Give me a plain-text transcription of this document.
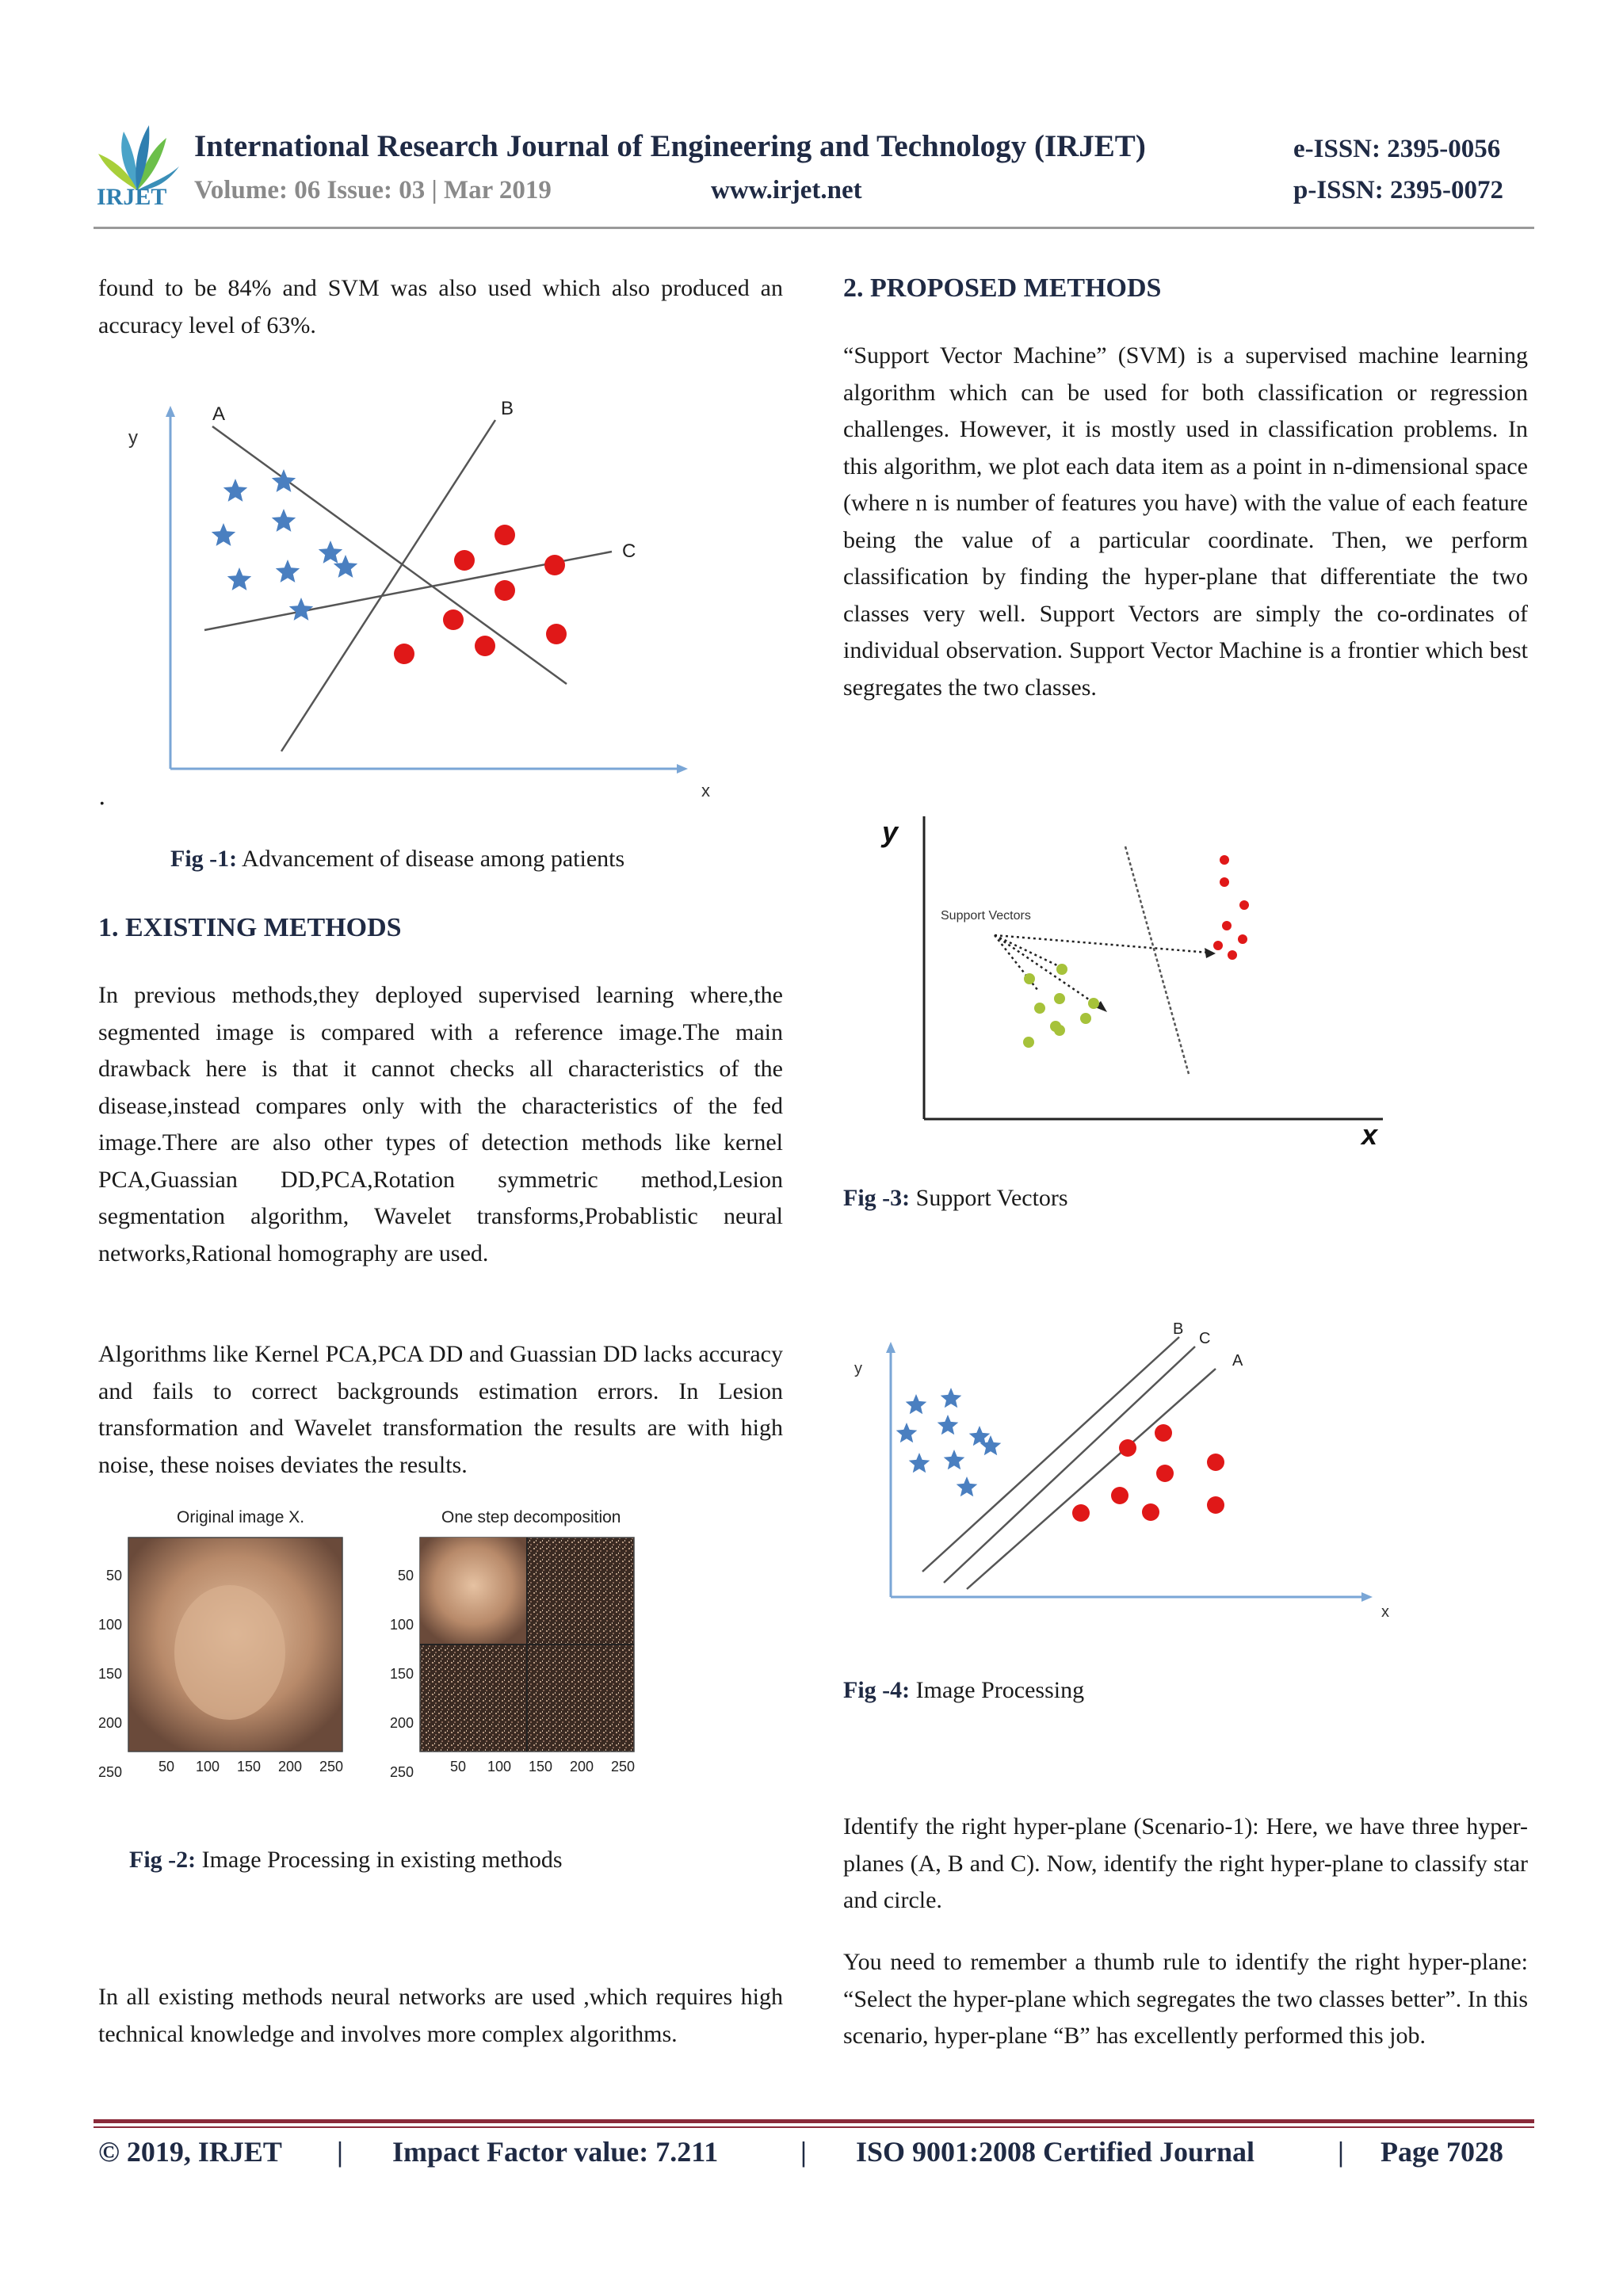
IRJET
International Research Journal of Engineering and Technology (IRJET)
Volume: 06 Issue: 03 | Mar 2019	www.irjet.net
e-ISSN: 2395-0056
p-ISSN: 2395-0072
found to be 84% and SVM was also used which also produced an accuracy level of 63%.
y
x
A	B
C
.
Fig -1: Advancement of disease among patients
1. EXISTING METHODS
In previous methods,they deployed supervised learning where,the segmented image is compared with a reference image.The main drawback here is that it cannot checks all characteristics of the disease,instead compares only with the characteristics of the fed image.There are also other types of detection methods like kernel PCA,Guassian DD,PCA,Rotation symmetric method,Lesion segmentation algorithm, Wavelet transforms,Probablistic neural networks,Rational homography are used.
Algorithms like Kernel PCA,PCA DD and Guassian DD lacks accuracy and fails to correct backgrounds estimation errors. In Lesion transformation and Wavelet transformation the results are with high noise, these noises deviates the results.
Original image X.	One step decomposition
50
100
150
200
250
50
100
150
200
250
50 100 150 200 250	50 100 150 200 250
Fig -2: Image Processing in existing methods
In all existing methods neural networks are used ,which requires high technical knowledge and involves more complex algorithms.
2. PROPOSED METHODS
“Support Vector Machine” (SVM) is a supervised machine learning algorithm which can be used for both classification or regression challenges. However, it is mostly used in classification problems. In this algorithm, we plot each data item as a point in n-dimensional space (where n is number of features you have) with the value of each feature being the value of a particular coordinate. Then, we perform classification by finding the hyper-plane that differentiate the two classes very well. Support Vectors are simply the co-ordinates of individual observation. Support Vector Machine is a frontier which best segregates the two classes.
y
x
Support Vectors
Fig -3: Support Vectors
y
x
B
C
A
Fig -4: Image Processing
Identify the right hyper-plane (Scenario-1): Here, we have three hyper-planes (A, B and C). Now, identify the right hyper-plane to classify star and circle.
You need to remember a thumb rule to identify the right hyper-plane: “Select the hyper-plane which segregates the two classes better”. In this scenario, hyper-plane “B” has excellently performed this job.
© 2019, IRJET | Impact Factor value: 7.211	| ISO 9001:2008 Certified Journal	| Page 7028
